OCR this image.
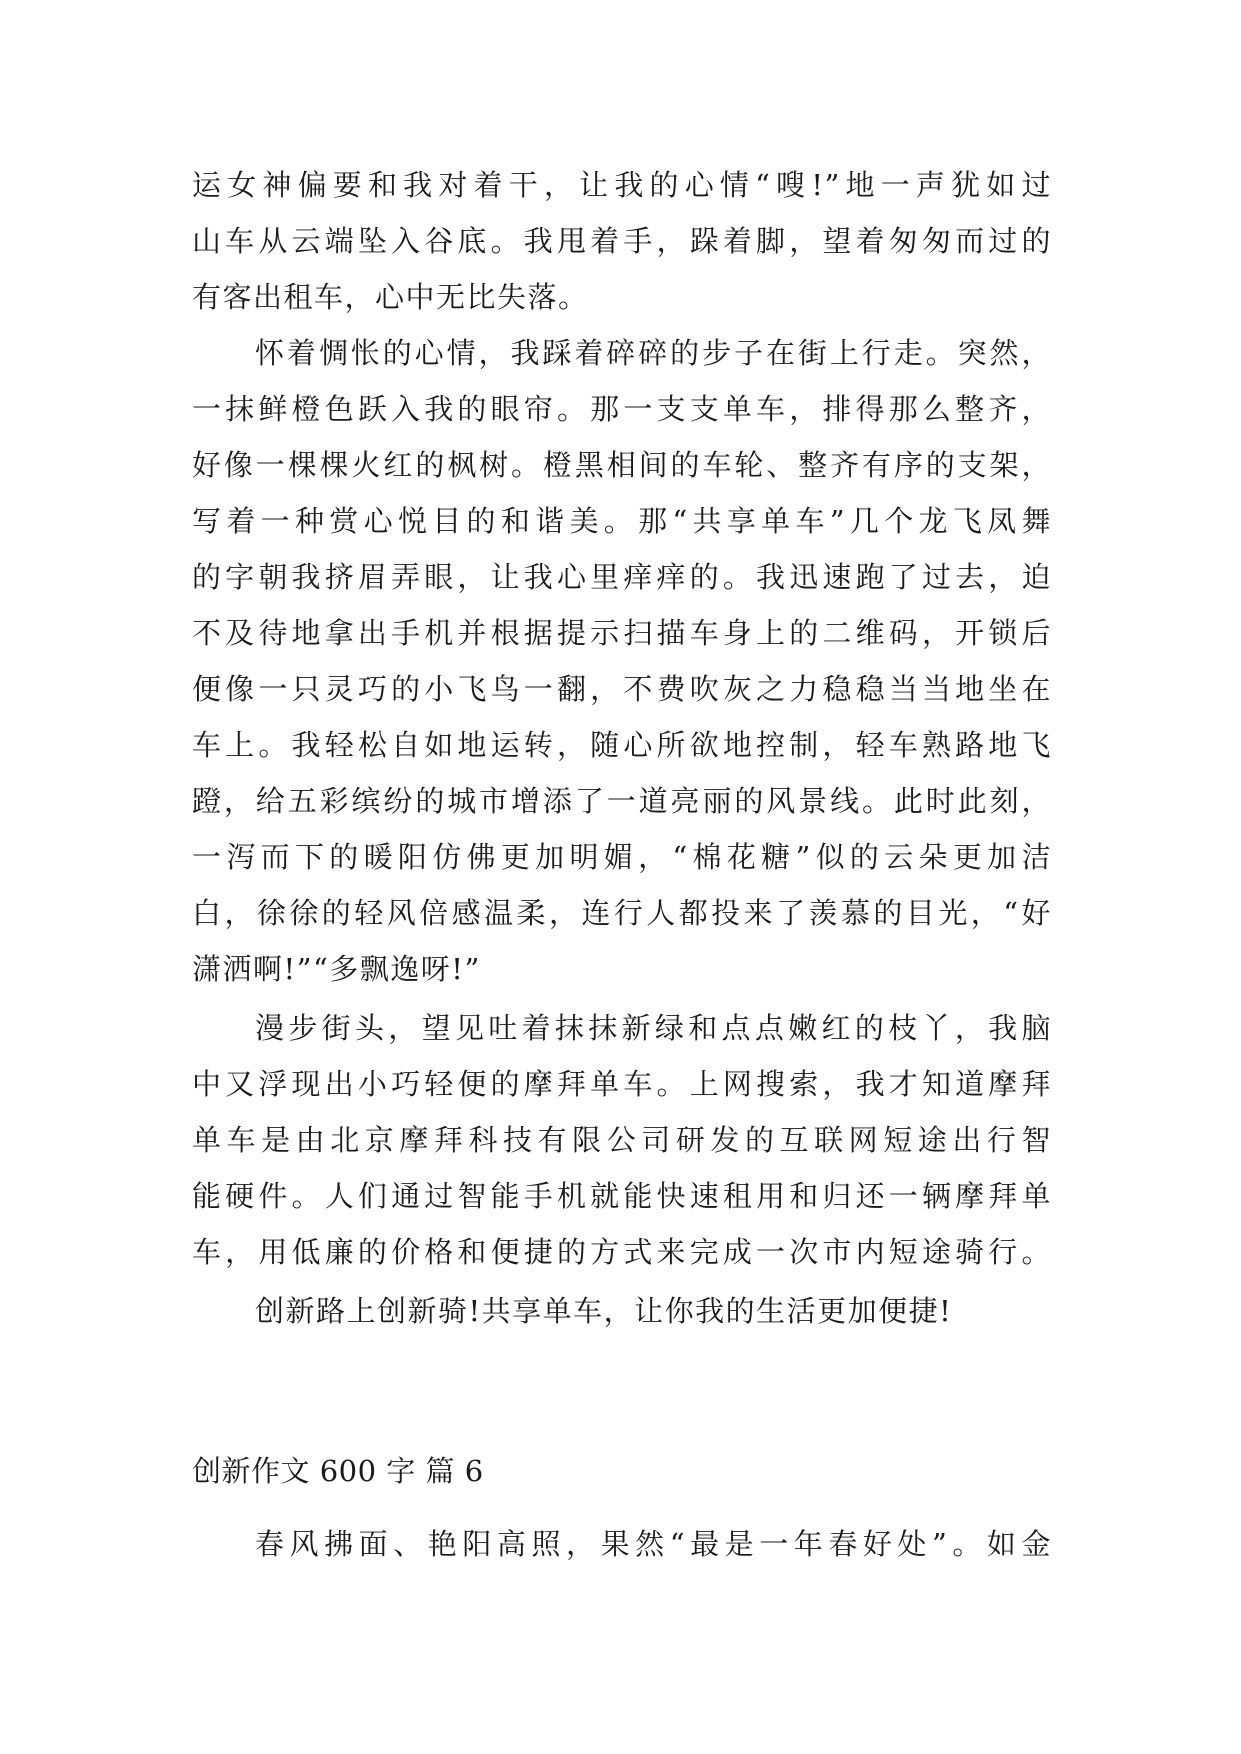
运女神偏要和我对着干，让我的心情“嗖!”地一声犹如过
山车从云端坠入谷底。我甩着手，跺着脚，望着匆匆而过的
有客出租车，心中无比失落。
怀着惆怅的心情，我踩着碎碎的步子在街上行走。突然，
一抹鲜橙色跃入我的眼帘。那一支支单车，排得那么整齐，
好像一棵棵火红的枫树。橙黑相间的车轮、整齐有序的支架，
写着一种赏心悦目的和谐美。那“共享单车”几个龙飞凤舞
的字朝我挤眉弄眼，让我心里痒痒的。我迅速跑了过去，迫
不及待地拿出手机并根据提示扫描车身上的二维码，开锁后
便像一只灵巧的小飞鸟一翻，不费吹灰之力稳稳当当地坐在
车上。我轻松自如地运转，随心所欲地控制，轻车熟路地飞
蹬，给五彩缤纷的城市增添了一道亮丽的风景线。此时此刻，
一泻而下的暖阳仿佛更加明媚，“棉花糖”似的云朵更加洁
白，徐徐的轻风倍感温柔，连行人都投来了羡慕的目光，“好
潇洒啊!”“多飘逸呀!”
漫步街头，望见吐着抹抹新绿和点点嫩红的枝丫，我脑
中又浮现出小巧轻便的摩拜单车。上网搜索，我才知道摩拜
单车是由北京摩拜科技有限公司研发的互联网短途出行智
能硬件。人们通过智能手机就能快速租用和归还一辆摩拜单
车，用低廉的价格和便捷的方式来完成一次市内短途骑行。
创新路上创新骑!共享单车，让你我的生活更加便捷!
创新作文 600 字 篇 6
春风拂面、艳阳高照，果然“最是一年春好处”。如金
